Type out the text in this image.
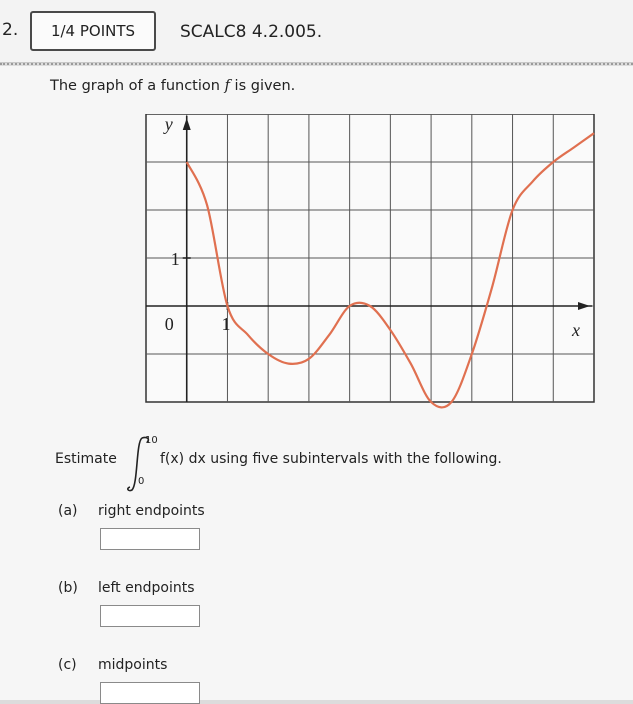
2. 1/4 POINTS	SCALC8 4.2.005.
The graph of a function f is given.
y
x
0	1
1
Estimate
10
0
f(x) dx using five subintervals with the following.
(a) right endpoints
(b) left endpoints
(c) midpoints
